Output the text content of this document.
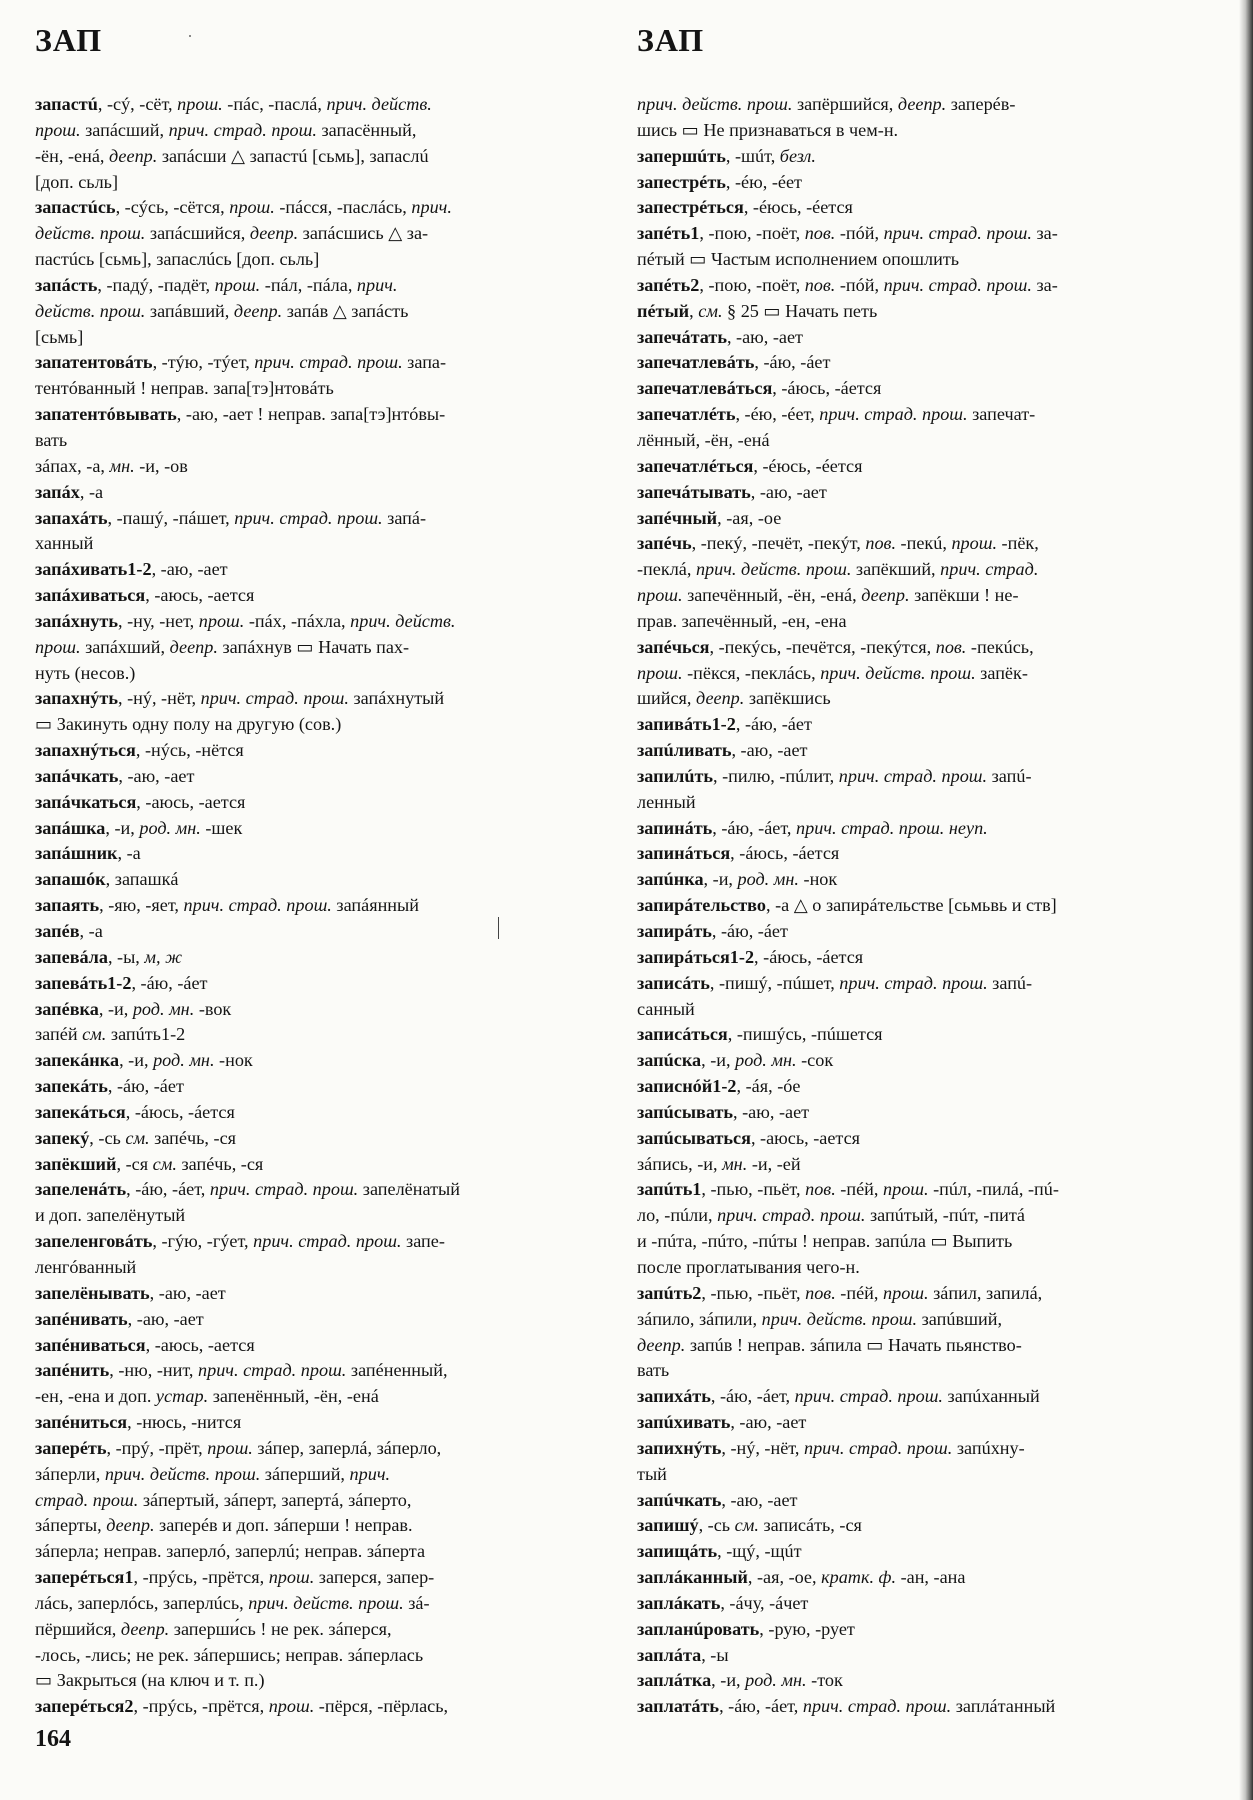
ЗАП	ЗАП
запастú, -сý, -сёт, прош. -пáс, -паслá, прич. действ.
прош. запáсший, прич. страд. прош. запасённый,
-ён, -енá, деепр. запáсши △ запастú [сьмь], запаслú
[доп. сьль]
запастúсь, -сýсь, -сётся, прош. -пáсся, -паслáсь, прич.
действ. прош. запáсшийся, деепр. запáсшись △ за-
пастúсь [сьмь], запаслúсь [доп. сьль]
запáсть, -падý, -падёт, прош. -пáл, -пáла, прич.
действ. прош. запáвший, деепр. запáв △ запáсть
[сьмь]
запатентовáть, -тýю, -тýет, прич. страд. прош. запа-
тентóванный ! неправ. запа[тэ]нтовáть
запатентóвывать, -аю, -ает ! неправ. запа[тэ]нтóвы-
вать
зáпах, -а, мн. -и, -ов
запáх, -а
запахáть, -пашý, -пáшет, прич. страд. прош. запá-
ханный
запáхивать1-2, -аю, -ает
запáхиваться, -аюсь, -ается
запáхнуть, -ну, -нет, прош. -пáх, -пáхла, прич. действ.
прош. запáхший, деепр. запáхнув ▭ Начать пах-
нуть (несов.)
запахнýть, -нý, -нёт, прич. страд. прош. запáхнутый
▭ Закинуть одну полу на другую (сов.)
запахнýться, -нýсь, -нётся
запáчкать, -аю, -ает
запáчкаться, -аюсь, -ается
запáшка, -и, род. мн. -шек
запáшник, -а
запашóк, запашкá
запаять, -яю, -яет, прич. страд. прош. запáянный
запéв, -а
запевáла, -ы, м, ж
запевáть1-2, -áю, -áет
запéвка, -и, род. мн. -вок
запéй см. запúть1-2
запекáнка, -и, род. мн. -нок
запекáть, -áю, -áет
запекáться, -áюсь, -áется
запекý, -сь см. запéчь, -ся
запёкший, -ся см. запéчь, -ся
запеленáть, -áю, -áет, прич. страд. прош. запелёнатый
и доп. запелёнутый
запеленговáть, -гýю, -гýет, прич. страд. прош. запе-
ленгóванный
запелёнывать, -аю, -ает
запéнивать, -аю, -ает
запéниваться, -аюсь, -ается
запéнить, -ню, -нит, прич. страд. прош. запéненный,
-ен, -ена и доп. устар. запенённый, -ён, -енá
запéниться, -нюсь, -нится
заперéть, -прý, -прёт, прош. зáпер, заперлá, зáперло,
зáперли, прич. действ. прош. зáперший, прич.
страд. прош. зáпертый, зáперт, запертá, зáперто,
зáперты, деепр. заперéв и доп. зáперши ! неправ.
зáперла; неправ. заперлó, заперлú; неправ. зáперта
заперéться1, -прýсь, -прётся, прош. заперся, запер-
лáсь, заперлóсь, заперлúсь, прич. действ. прош. зá-
пёршийся, деепр. заперши́сь ! не рек. зáперся,
-лось, -лись; не рек. зáпершись; неправ. зáперлась
▭ Закрыться (на ключ и т. п.)
заперéться2, -прýсь, -прётся, прош. -пёрся, -пёрлась,
прич. действ. прош. запёршийся, деепр. заперéв-
шись ▭ Не признаваться в чем-н.
запершúть, -шúт, безл.
запестрéть, -éю, -éет
запестрéться, -éюсь, -éется
запéть1, -пою, -поёт, пов. -пóй, прич. страд. прош. за-
пéтый ▭ Частым исполнением опошлить
запéть2, -пою, -поёт, пов. -пóй, прич. страд. прош. за-
пéтый, см. § 25 ▭ Начать петь
запечáтать, -аю, -ает
запечатлевáть, -áю, -áет
запечатлевáться, -áюсь, -áется
запечатлéть, -éю, -éет, прич. страд. прош. запечат-
лённый, -ён, -енá
запечатлéться, -éюсь, -éется
запечáтывать, -аю, -ает
запéчный, -ая, -ое
запéчь, -пекý, -печёт, -пекýт, пов. -пекú, прош. -пёк,
-пеклá, прич. действ. прош. запёкший, прич. страд.
прош. запечённый, -ён, -енá, деепр. запёкши ! не-
прав. запечённый, -ен, -ена
запéчься, -пекýсь, -печётся, -пекýтся, пов. -пекúсь,
прош. -пёкся, -пеклáсь, прич. действ. прош. запёк-
шийся, деепр. запёкшись
запивáть1-2, -áю, -áет
запúливать, -аю, -ает
запилúть, -пилю, -пúлит, прич. страд. прош. запú-
ленный
запинáть, -áю, -áет, прич. страд. прош. неуп.
запинáться, -áюсь, -áется
запúнка, -и, род. мн. -нок
запирáтельство, -а △ о запирáтельстве [сьмьвь и ств]
запирáть, -áю, -áет
запирáться1-2, -áюсь, -áется
записáть, -пишý, -пúшет, прич. страд. прош. запú-
санный
записáться, -пишýсь, -пúшется
запúска, -и, род. мн. -сок
записнóй1-2, -áя, -óе
запúсывать, -аю, -ает
запúсываться, -аюсь, -ается
зáпись, -и, мн. -и, -ей
запúть1, -пью, -пьёт, пов. -пéй, прош. -пúл, -пилá, -пú-
ло, -пúли, прич. страд. прош. запúтый, -пúт, -питá
и -пúта, -пúто, -пúты ! неправ. запúла ▭ Выпить
после проглатывания чего-н.
запúть2, -пью, -пьёт, пов. -пéй, прош. зáпил, запилá,
зáпило, зáпили, прич. действ. прош. запúвший,
деепр. запúв ! неправ. зáпила ▭ Начать пьянство-
вать
запихáть, -áю, -áет, прич. страд. прош. запúханный
запúхивать, -аю, -ает
запихнýть, -нý, -нёт, прич. страд. прош. запúхну-
тый
запúчкать, -аю, -ает
запишý, -сь см. записáть, -ся
запищáть, -щý, -щúт
заплáканный, -ая, -ое, кратк. ф. -ан, -ана
заплáкать, -áчу, -áчет
запланúровать, -рую, -рует
заплáта, -ы
заплáтка, -и, род. мн. -ток
заплатáть, -áю, -áет, прич. страд. прош. заплáтанный
164
